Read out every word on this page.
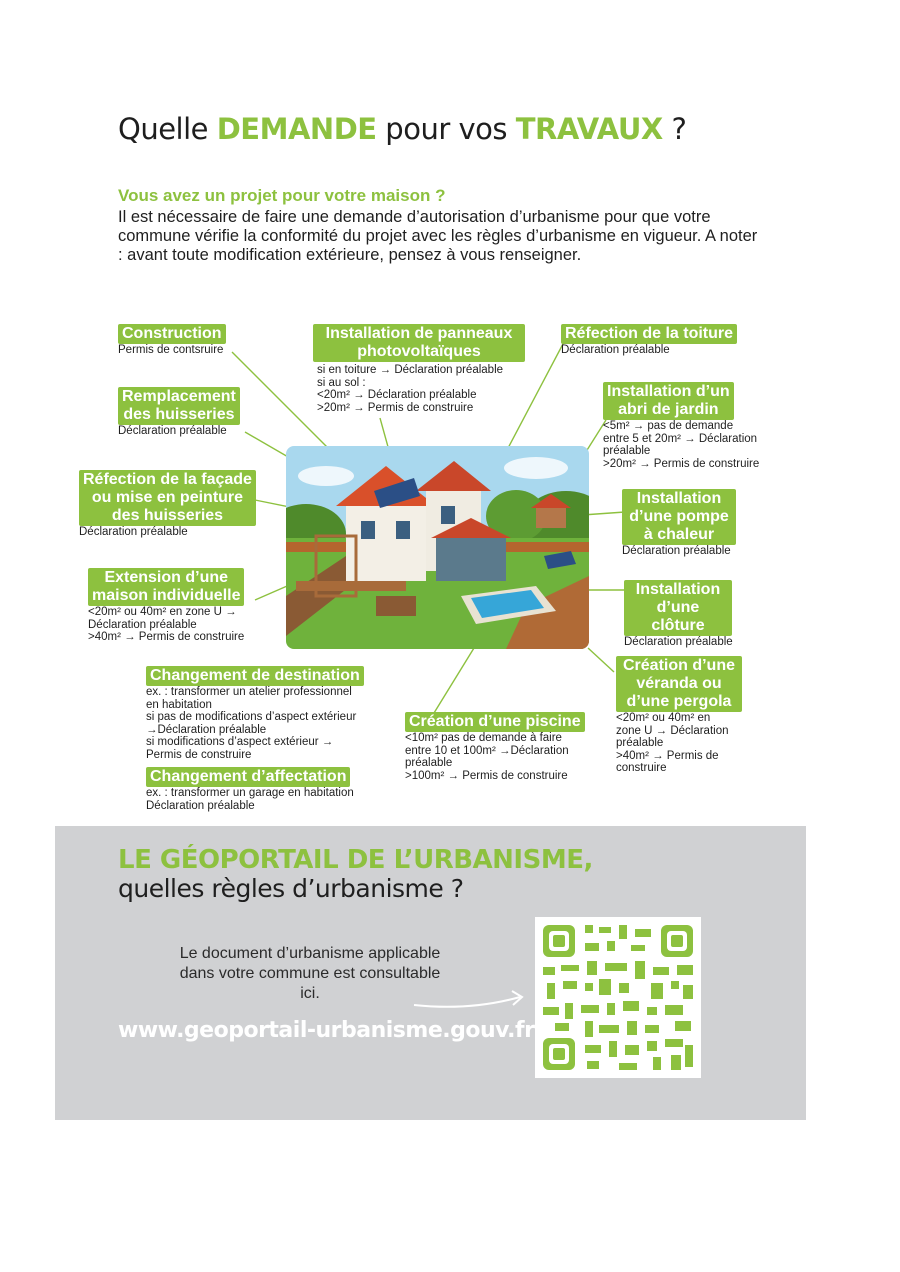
Quelle DEMANDE pour vos TRAVAUX ?
Vous avez un projet pour votre maison ?
Il est nécessaire de faire une demande d’autorisation d’urbanisme pour que votre commune vérifie la conformité du projet avec les règles d’urbanisme en vigueur. A noter : avant toute modification extérieure, pensez à vous renseigner.
Construction
Permis de contsruire
Installation de panneaux
photovoltaïques
si en toiture → Déclaration préalable
si au sol :
<20m² → Déclaration préalable
>20m² → Permis de construire
Réfection de la toiture
Déclaration préalable
Remplacement
des huisseries
Déclaration préalable
Installation d’un
abri de jardin
<5m² → pas de demande
entre 5 et 20m² → Déclaration
préalable
>20m² → Permis de construire
Réfection de la façade
ou mise en peinture
des huisseries
Déclaration préalable
Installation
d’une pompe
à chaleur
Déclaration préalable
Extension d’une
maison individuelle
<20m² ou 40m² en zone U →
Déclaration préalable
>40m² → Permis de construire
Installation
d’une clôture
Déclaration préalable
Changement de destination
ex. : transformer un atelier professionnel
en habitation
si pas de modifications d’aspect extérieur
→Déclaration préalable
si modifications d’aspect extérieur →
Permis de construire
Création d’une
véranda ou
d’une pergola
<20m² ou 40m² en
zone U → Déclaration
préalable
>40m² → Permis de
construire
Création d’une piscine
<10m² pas de demande à faire
entre 10 et 100m² →Déclaration
préalable
>100m² → Permis de construire
Changement d’affectation
ex. : transformer un garage en habitation
Déclaration préalable
LE GÉOPORTAIL DE L’URBANISME,
quelles règles d’urbanisme ?
Le document d’urbanisme applicable dans votre commune est consultable ici.
www.geoportail-urbanisme.gouv.fr
